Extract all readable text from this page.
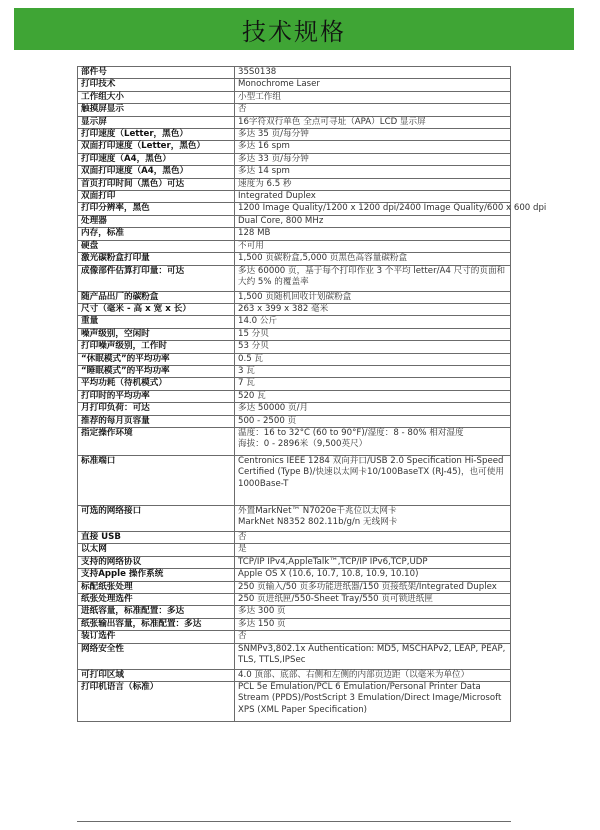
技术规格
部件号	35S0138
打印技术	Monochrome Laser
工作组大小	小型工作组
触摸屏显示	否
显示屏	16字符双行单色 全点可寻址（APA）LCD 显示屏
打印速度（Letter，黑色）	多达 35 页/每分钟
双面打印速度（Letter，黑色）	多达 16 spm
打印速度（A4，黑色）	多达 33 页/每分钟
双面打印速度（A4，黑色）	多达 14 spm
首页打印时间（黑色）可达	速度为 6.5 秒
双面打印	Integrated Duplex
打印分辨率，黑色	1200 Image Quality/1200 x 1200 dpi/2400 Image Quality/600 x 600 dpi
处理器	Dual Core, 800 MHz
内存，标准	128 MB
硬盘	不可用
激光碳粉盒打印量	1,500 页碳粉盒,5,000 页黑色高容量碳粉盒
成像部件估算打印量：可达	多达 60000 页，基于每个打印作业 3 个平均 letter/A4 尺寸的页面和大约 5% 的覆盖率
随产品出厂的碳粉盒	1,500 页随机回收计划碳粉盒
尺寸（毫米 - 高 x 宽 x 长）	263 x 399 x 382 毫米
重量	14.0 公斤
噪声级别，空闲时	15 分贝
打印噪声级别，工作时	53 分贝
“休眠模式”的平均功率	0.5 瓦
“睡眠模式”的平均功率	3 瓦
平均功耗（待机模式）	7 瓦
打印时的平均功率	520 瓦
月打印负荷：可达	多达 50000 页/月
推荐的每月页容量	500 - 2500 页
指定操作环境	温度：16 to 32°C (60 to 90°F)/湿度：8 - 80% 相对湿度
海拔：0 - 2896米（9,500英尺）
标准端口	Centronics IEEE 1284 双向并口/USB 2.0 Specification Hi-Speed Certified (Type B)/快速以太网卡10/100BaseTX (RJ-45)，也可使用1000Base-T
可选的网络接口	外置MarkNet™ N7020e千兆位以太网卡
MarkNet N8352 802.11b/g/n 无线网卡
直接 USB	否
以太网	是
支持的网络协议	TCP/IP IPv4,AppleTalk™,TCP/IP IPv6,TCP,UDP
支持Apple 操作系统	Apple OS X (10.6, 10.7, 10.8, 10.9, 10.10)
标配纸张处理	250 页输入/50 页多功能进纸器/150 页接纸架/Integrated Duplex
纸张处理选件	250 页进纸匣/550-Sheet Tray/550 页可锁进纸匣
进纸容量，标准配置：多达	多达 300 页
纸张输出容量，标准配置：多达	多达 150 页
装订选件	否
网络安全性	SNMPv3,802.1x Authentication: MD5, MSCHAPv2, LEAP, PEAP, TLS, TTLS,IPSec
可打印区域	4.0 顶部、底部、右侧和左侧的内部页边距（以毫米为单位）
打印机语言（标准）	PCL 5e Emulation/PCL 6 Emulation/Personal Printer Data Stream (PPDS)/PostScript 3 Emulation/Direct Image/Microsoft XPS (XML Paper Specification)
